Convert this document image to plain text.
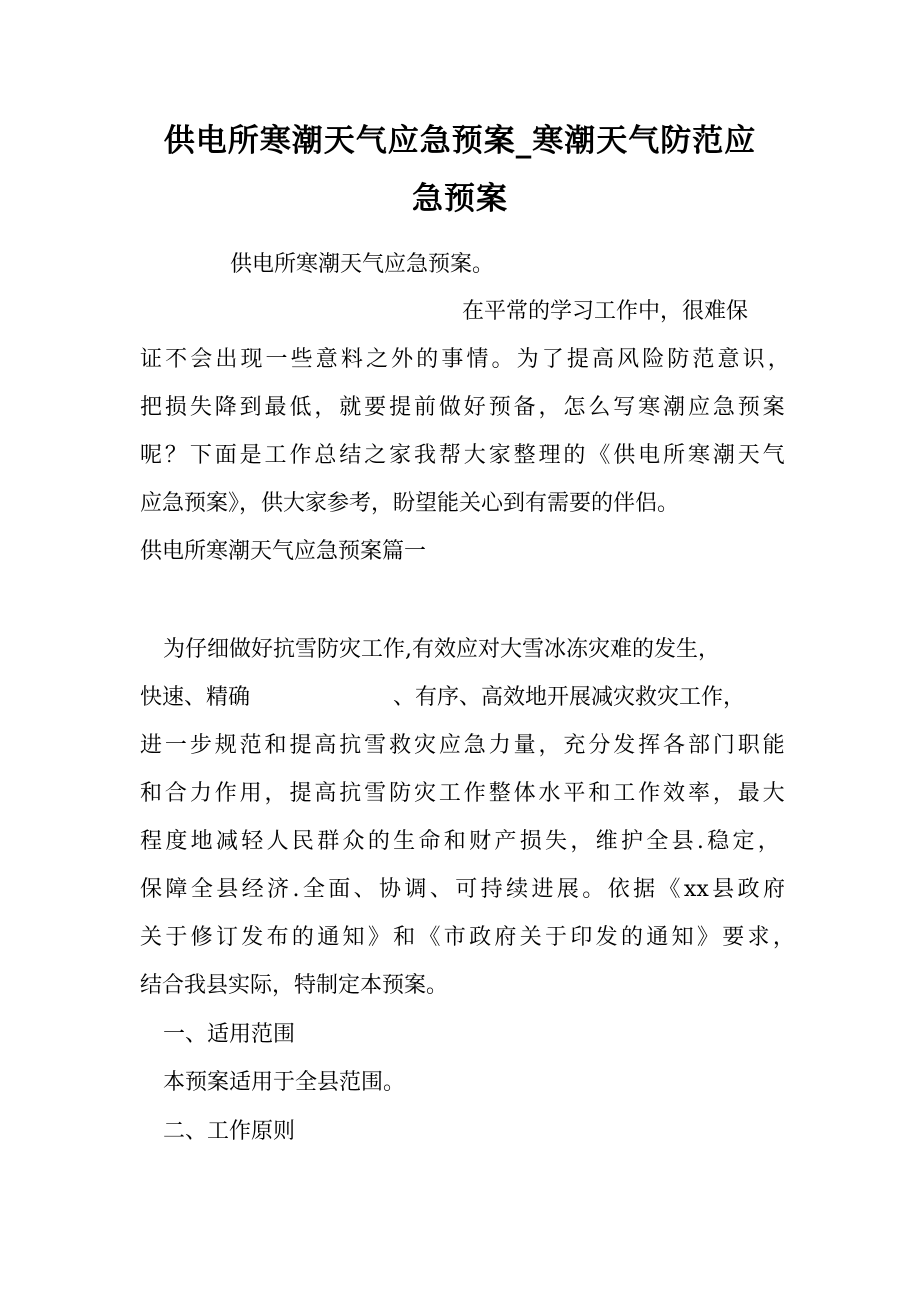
供电所寒潮天气应急预案_寒潮天气防范应
急预案
供电所寒潮天气应急预案。
在平常的学习工作中，很难保
证 不 会 出 现 一 些 意 料 之 外 的 事 情 。 为 了 提 高 风 险 防 范 意 识 ，
把 损 失 降 到 最 低 ， 就 要 提 前 做 好 预 备 ， 怎 么 写 寒 潮 应 急 预 案
呢 ？ 下 面 是 工 作 总 结 之 家 我 帮 大 家 整 理 的 《 供 电 所 寒 潮 天 气
应急预案》，供大家参考，盼望能关心到有需要的伴侣。
供电所寒潮天气应急预案篇一
为仔细做好抗雪防灾工作,有效应对大雪冰冻灾难的发生，
快速、精确	、有序、高效地开展减灾救灾工作，
进 一 步 规 范 和 提 高 抗 雪 救 灾 应 急 力 量 ， 充 分 发 挥 各 部 门 职 能
和 合 力 作 用 ， 提 高 抗 雪 防 灾 工 作 整 体 水 平 和 工 作 效 率 ， 最 大
程 度 地 减 轻 人 民 群 众 的 生 命 和 财 产 损 失 ， 维 护 全 县 . 稳 定 ，
保 障 全 县 经 济 . 全 面 、 协 调 、 可 持 续 进 展 。 依 据 《 xx 县 政 府
关 于 修 订 发 布 的 通 知 》 和 《 市 政 府 关 于 印 发 的 通 知 》 要 求 ，
结合我县实际，特制定本预案。
一、适用范围
本预案适用于全县范围。
二、工作原则
